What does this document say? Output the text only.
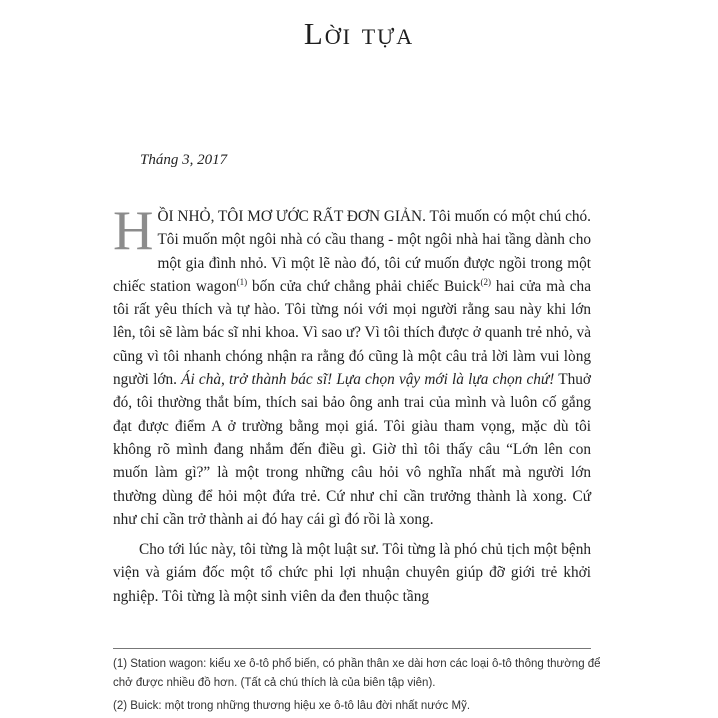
Lời tựa
Tháng 3, 2017

HỒI NHỎ, TÔI MƠ ƯỚC RẤT ĐƠN GIẢN. Tôi muốn có một chú chó. Tôi muốn một ngôi nhà có cầu thang - một ngôi nhà hai tầng dành cho một gia đình nhỏ. Vì một lẽ nào đó, tôi cứ muốn được ngồi trong một chiếc station wagon$^{(1)}$ bốn cửa chứ chẳng phải chiếc Buick$^{(2)}$ hai cửa mà cha tôi rất yêu thích và tự hào. Tôi từng nói với mọi người rằng sau này khi lớn lên, tôi sẽ làm bác sĩ nhi khoa. Vì sao ư? Vì tôi thích được ở quanh trẻ nhỏ, và cũng vì tôi nhanh chóng nhận ra rằng đó cũng là một câu trả lời làm vui lòng người lớn. Ái chà, trở thành bác sĩ! Lựa chọn vậy mới là lựa chọn chứ! Thuở đó, tôi thường thắt bím, thích sai bảo ông anh trai của mình và luôn cố gắng đạt được điểm A ở trường bằng mọi giá. Tôi giàu tham vọng, mặc dù tôi không rõ mình đang nhắm đến điều gì. Giờ thì tôi thấy câu “Lớn lên con muốn làm gì?” là một trong những câu hỏi vô nghĩa nhất mà người lớn thường dùng để hỏi một đứa trẻ. Cứ như chỉ cần trưởng thành là xong. Cứ như chỉ cần trở thành ai đó hay cái gì đó rồi là xong.

Cho tới lúc này, tôi từng là một luật sư. Tôi từng là phó chủ tịch một bệnh viện và giám đốc một tổ chức phi lợi nhuận chuyên giúp đỡ giới trẻ khởi nghiệp. Tôi từng là một sinh viên da đen thuộc tầng

(1) Station wagon: kiểu xe ô-tô phổ biến, có phần thân xe dài hơn các loại ô-tô thông thường để chở được nhiều đồ hơn. (Tất cả chú thích là của biên tập viên).

(2) Buick: một trong những thương hiệu xe ô-tô lâu đời nhất nước Mỹ.
